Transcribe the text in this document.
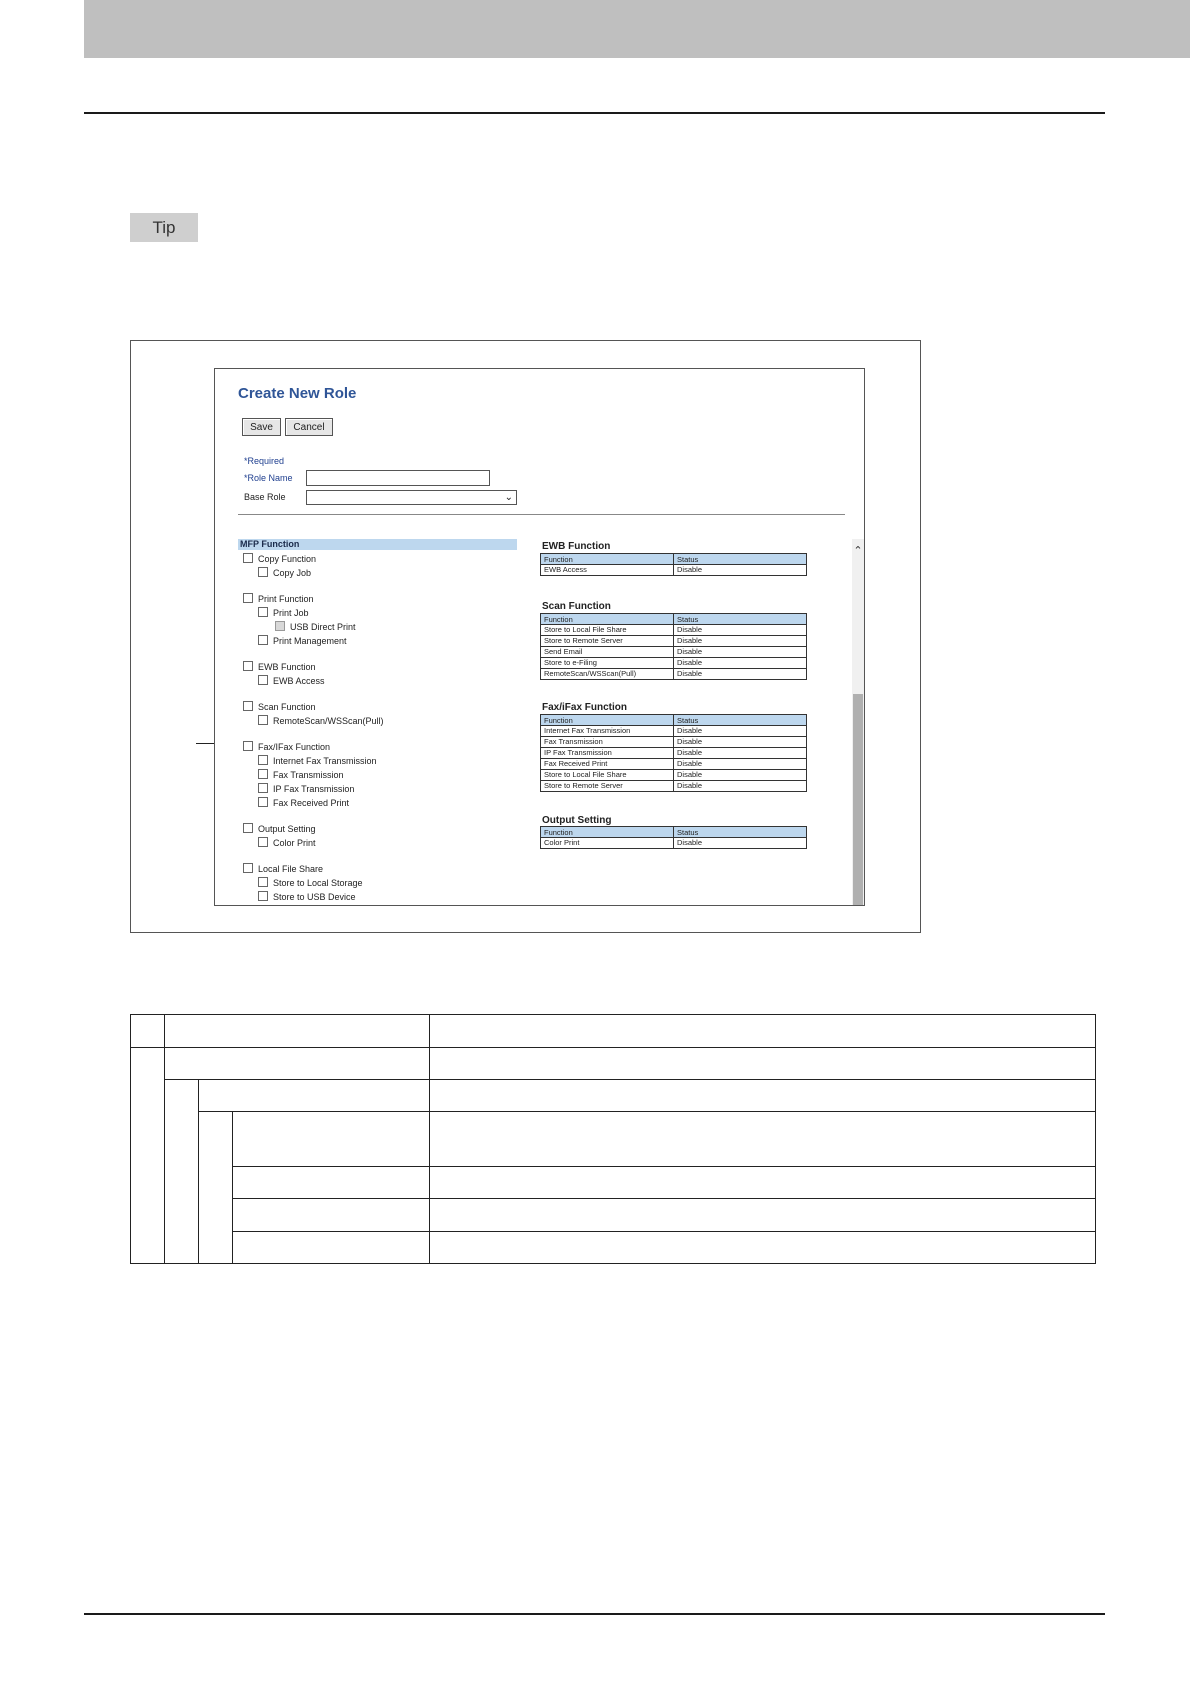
Tip
Create New Role
Save	Cancel
*Required
*Role Name
Base Role	⌄
MFP Function
Copy Function
Copy Job
Print Function
Print Job
USB Direct Print
Print Management
EWB Function
EWB Access
Scan Function
RemoteScan/WSScan(Pull)
Fax/IFax Function
Internet Fax Transmission
Fax Transmission
IP Fax Transmission
Fax Received Print
Output Setting
Color Print
Local File Share
Store to Local Storage
Store to USB Device
EWB Function
Function	Status
EWB Access	Disable
Scan Function
Function	Status
Store to Local File Share	Disable
Store to Remote Server	Disable
Send Email	Disable
Store to e-Filing	Disable
RemoteScan/WSScan(Pull)	Disable
Fax/iFax Function
Function	Status
Internet Fax Transmission	Disable
Fax Transmission	Disable
IP Fax Transmission	Disable
Fax Received Print	Disable
Store to Local File Share	Disable
Store to Remote Server	Disable
Output Setting
Function	Status
Color Print	Disable
⌃
